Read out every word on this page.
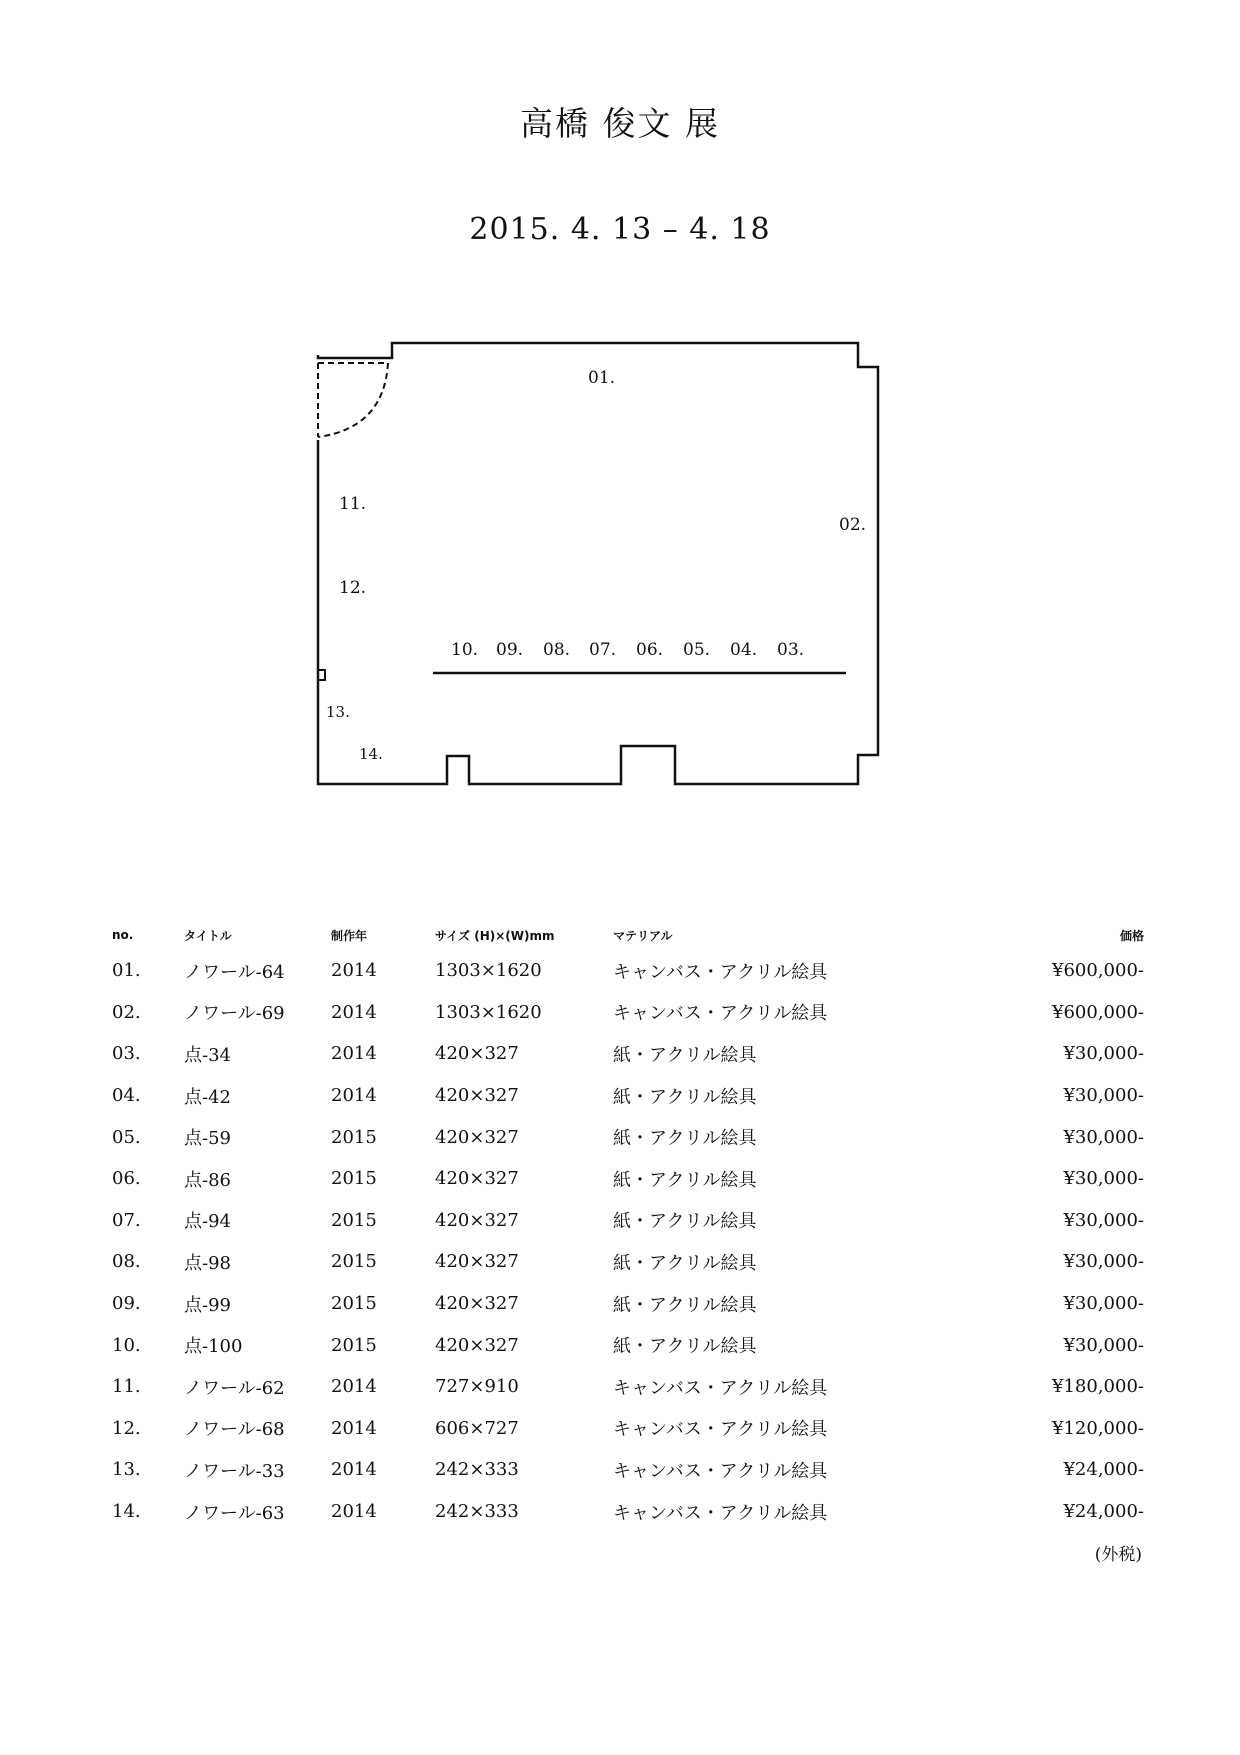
高橋 俊文 展
2015. 4. 13 – 4. 18
01.
02.
03.
04.
05.
06.
07.
08.
09.
10.
11.
12.
13.
14.
no.	タイトル	制作年	サイズ (H)×(W)mm	マテリアル	価格
01.	ノワール-64	2014	1303×1620	キャンバス・アクリル絵具	¥600,000-
02.	ノワール-69	2014	1303×1620	キャンバス・アクリル絵具	¥600,000-
03.	点-34	2014	420×327	紙・アクリル絵具	¥30,000-
04.	点-42	2014	420×327	紙・アクリル絵具	¥30,000-
05.	点-59	2015	420×327	紙・アクリル絵具	¥30,000-
06.	点-86	2015	420×327	紙・アクリル絵具	¥30,000-
07.	点-94	2015	420×327	紙・アクリル絵具	¥30,000-
08.	点-98	2015	420×327	紙・アクリル絵具	¥30,000-
09.	点-99	2015	420×327	紙・アクリル絵具	¥30,000-
10.	点-100	2015	420×327	紙・アクリル絵具	¥30,000-
11.	ノワール-62	2014	727×910	キャンバス・アクリル絵具	¥180,000-
12.	ノワール-68	2014	606×727	キャンバス・アクリル絵具	¥120,000-
13.	ノワール-33	2014	242×333	キャンバス・アクリル絵具	¥24,000-
14.	ノワール-63	2014	242×333	キャンバス・アクリル絵具	¥24,000-
(外税)
